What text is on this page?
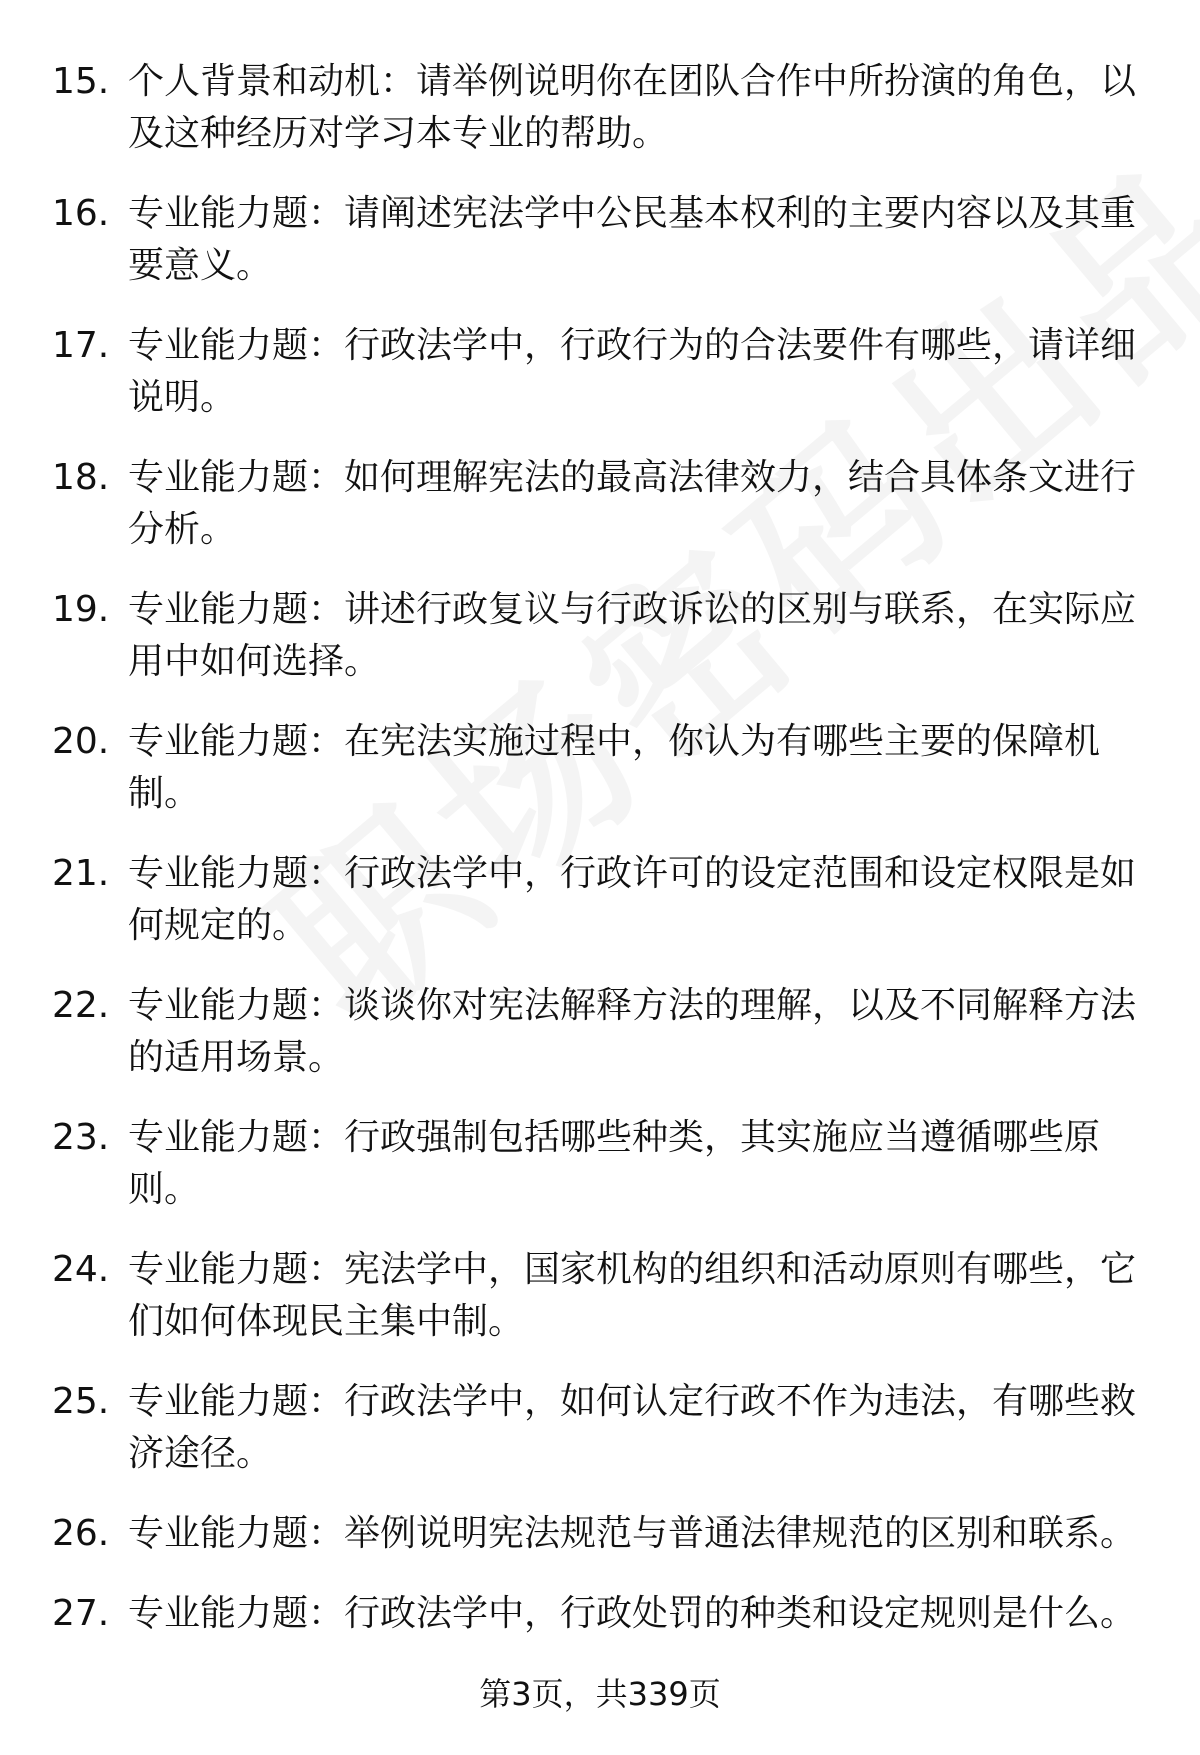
15. 个人背景和动机：请举例说明你在团队合作中所扮演的角色，以及这种经历对学习本专业的帮助。
16. 专业能力题：请阐述宪法学中公民基本权利的主要内容以及其重要意义。
17. 专业能力题：行政法学中，行政行为的合法要件有哪些，请详细说明。
18. 专业能力题：如何理解宪法的最高法律效力，结合具体条文进行分析。
19. 专业能力题：讲述行政复议与行政诉讼的区别与联系，在实际应用中如何选择。
20. 专业能力题：在宪法实施过程中，你认为有哪些主要的保障机制。
21. 专业能力题：行政法学中，行政许可的设定范围和设定权限是如何规定的。
22. 专业能力题：谈谈你对宪法解释方法的理解，以及不同解释方法的适用场景。
23. 专业能力题：行政强制包括哪些种类，其实施应当遵循哪些原则。
24. 专业能力题：宪法学中，国家机构的组织和活动原则有哪些，它们如何体现民主集中制。
25. 专业能力题：行政法学中，如何认定行政不作为违法，有哪些救济途径。
26. 专业能力题：举例说明宪法规范与普通法律规范的区别和联系。
27. 专业能力题：行政法学中，行政处罚的种类和设定规则是什么。
第3页，共339页
